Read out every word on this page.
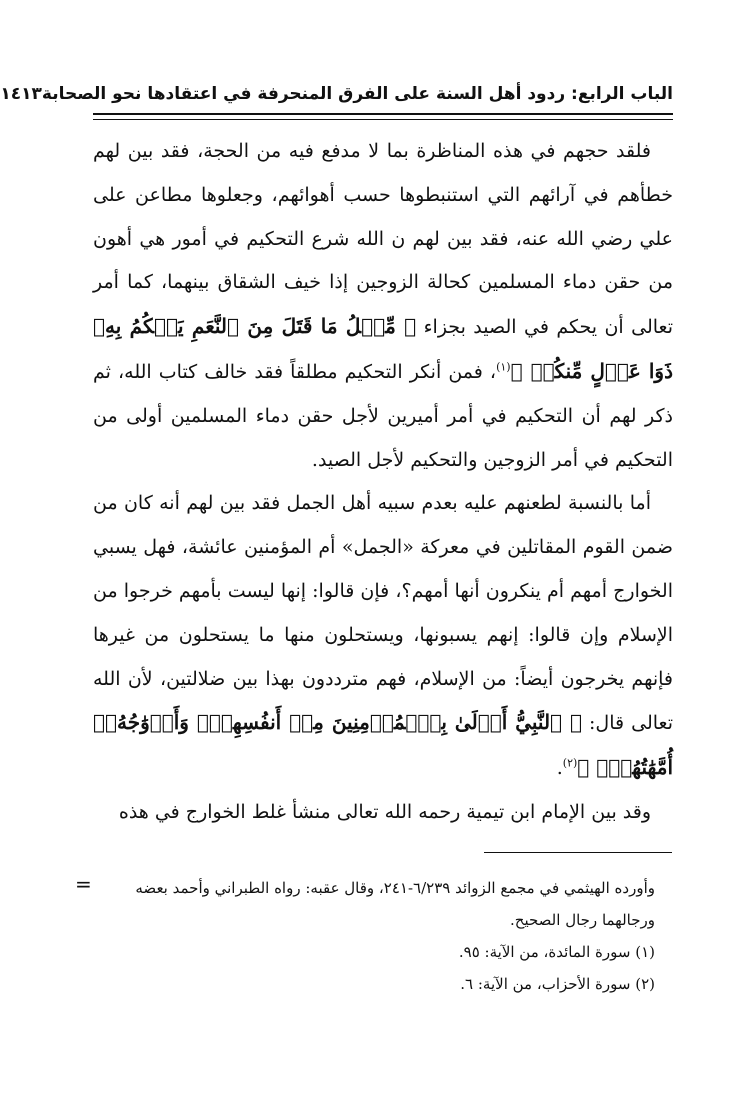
الباب الرابع: ردود أهل السنة على الفرق المنحرفة في اعتقادها نحو الصحابة
١٤١٣

فلقد حجهم في هذه المناظرة بما لا مدفع فيه من الحجة، فقد بين لهم خطأهم في آرائهم التي استنبطوها حسب أهوائهم، وجعلوها مطاعن على علي رضي الله عنه، فقد بين لهم ن الله شرع التحكيم في أمور هي أهون من حقن دماء المسلمين كحالة الزوجين إذا خيف الشقاق بينهما، كما أمر تعالى أن يحكم في الصيد بجزاء ﴿ مِّثۡلُ مَا قَتَلَ مِنَ ٱلنَّعَمِ يَحۡكُمُ بِهِۦ ذَوَا عَدۡلٍ مِّنكُمۡ ﴾$^{(١)}$، فمن أنكر التحكيم مطلقاً فقد خالف كتاب الله، ثم ذكر لهم أن التحكيم في أمر أميرين لأجل حقن دماء المسلمين أولى من التحكيم في أمر الزوجين والتحكيم لأجل الصيد.

أما بالنسبة لطعنهم عليه بعدم سبيه أهل الجمل فقد بين لهم أنه كان من ضمن القوم المقاتلين في معركة «الجمل» أم المؤمنين عائشة، فهل يسبي الخوارج أمهم أم ينكرون أنها أمهم؟، فإن قالوا: إنها ليست بأمهم خرجوا من الإسلام وإن قالوا: إنهم يسبونها، ويستحلون منها ما يستحلون من غيرها فإنهم يخرجون أيضاً: من الإسلام، فهم مترددون بهذا بين ضلالتين، لأن الله تعالى قال: ﴿ ٱلنَّبِيُّ أَوۡلَىٰ بِٱلۡمُؤۡمِنِينَ مِنۡ أَنفُسِهِمۡۖ وَأَزۡوَٰجُهُۥٓ أُمَّهَٰتُهُمۡۗ ﴾$^{(٢)}$.

وقد بين الإمام ابن تيمية رحمه الله تعالى منشأ غلط الخوارج في هذه

=	وأورده الهيثمي في مجمع الزوائد ٦/٢٣٩-٢٤١، وقال عقبه: رواه الطبراني وأحمد بعضه ورجالهما رجال الصحيح.

(١) سورة المائدة، من الآية: ٩٥.

(٢) سورة الأحزاب، من الآية: ٦.
